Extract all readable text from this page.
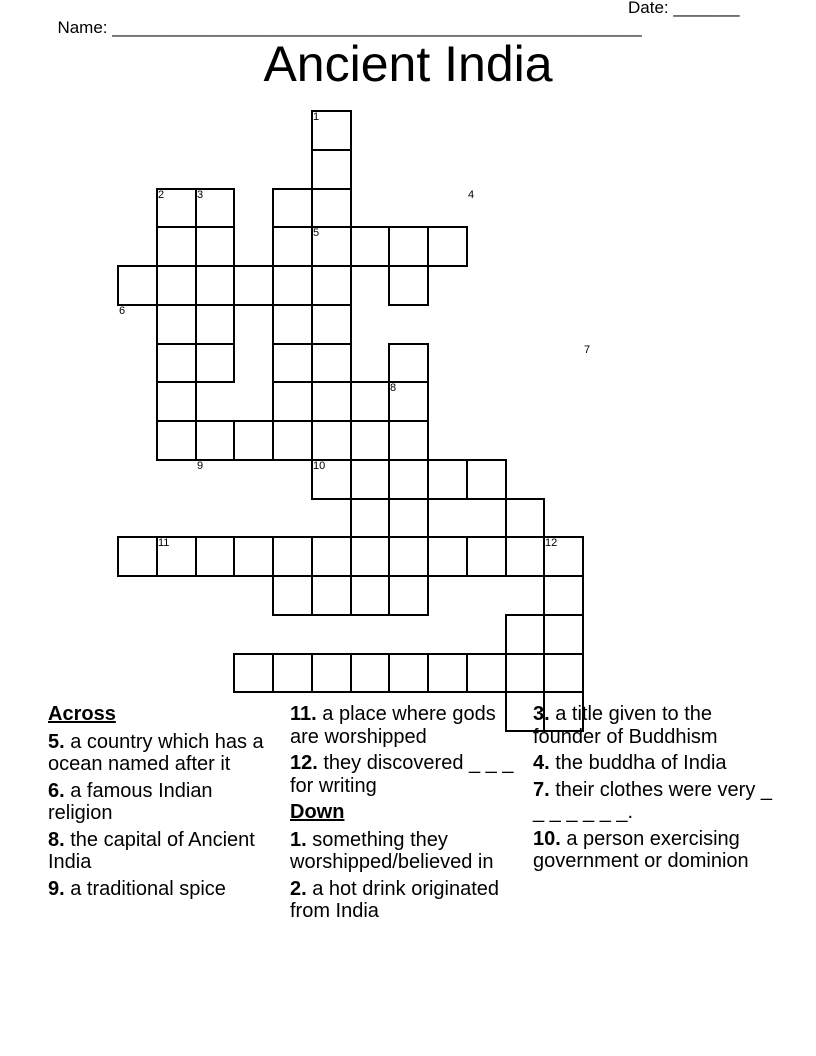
Name: ________________________________________________________

Date: _______

Ancient India
1
2	3	4
5
6
7
8
9	10
11	12
Across
5. a country which has a ocean named after it
6. a famous Indian religion
8. the capital of Ancient India
9. a traditional spice
11. a place where gods are worshipped
12. they discovered _ _ _ for writing
Down
1. something they worshipped/believed in
2. a hot drink originated from India
3. a title given to the founder of Buddhism
4. the buddha of India
7. their clothes were very _ _ _ _ _ _ _.
10. a person exercising government or dominion
